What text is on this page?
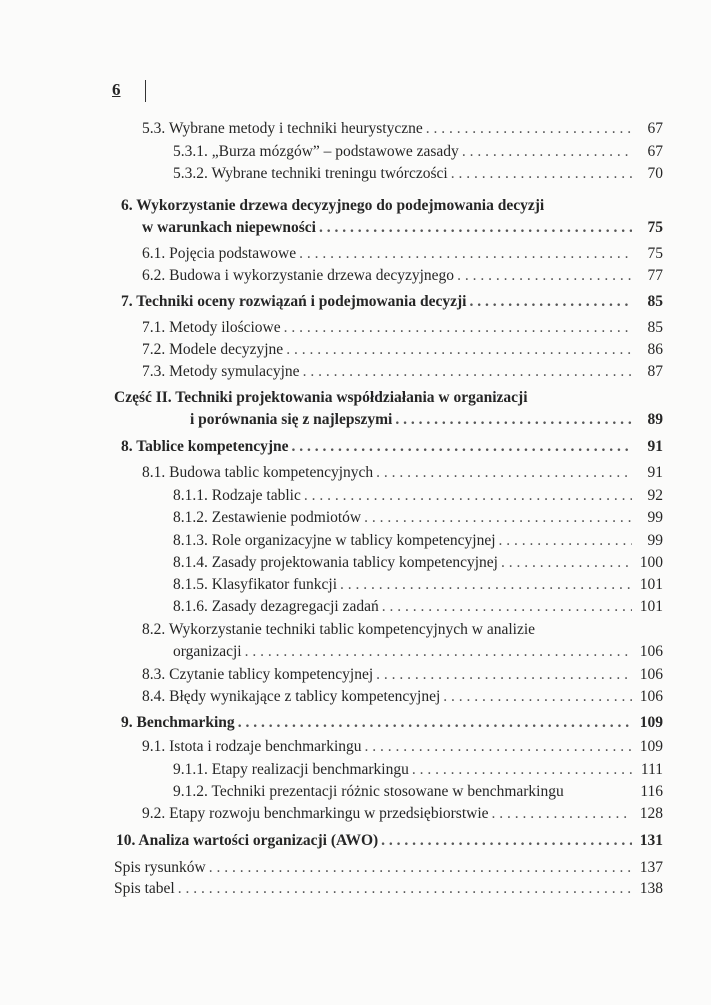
6
5.3. Wybrane metody i techniki heurystyczne . . .	67
5.3.1. „Burza mózgów” – podstawowe zasady . . .	67
5.3.2. Wybrane techniki treningu twórczości . . .	70
6. Wykorzystanie drzewa decyzyjnego do podejmowania decyzji
w warunkach niepewności . . .	75
6.1. Pojęcia podstawowe . . .	75
6.2. Budowa i wykorzystanie drzewa decyzyjnego . . .	77
7. Techniki oceny rozwiązań i podejmowania decyzji . . .	85
7.1. Metody ilościowe . . .	85
7.2. Modele decyzyjne . . .	86
7.3. Metody symulacyjne . . .	87
Część II. Techniki projektowania współdziałania w organizacji
i porównania się z najlepszymi . . .	89
8. Tablice kompetencyjne . . .	91
8.1. Budowa tablic kompetencyjnych . . .	91
8.1.1. Rodzaje tablic . . .	92
8.1.2. Zestawienie podmiotów . . .	99
8.1.3. Role organizacyjne w tablicy kompetencyjnej . . .	99
8.1.4. Zasady projektowania tablicy kompetencyjnej . . .	100
8.1.5. Klasyfikator funkcji . . .	101
8.1.6. Zasady dezagregacji zadań . . .	101
8.2. Wykorzystanie techniki tablic kompetencyjnych w analizie
organizacji . . .	106
8.3. Czytanie tablicy kompetencyjnej . . .	106
8.4. Błędy wynikające z tablicy kompetencyjnej . . .	106
9. Benchmarking . . .	109
9.1. Istota i rodzaje benchmarkingu . . .	109
9.1.1. Etapy realizacji benchmarkingu . . .	111
9.1.2. Techniki prezentacji różnic stosowane w benchmarkingu	116
9.2. Etapy rozwoju benchmarkingu w przedsiębiorstwie . . .	128
10. Analiza wartości organizacji (AWO) . . .	131
Spis rysunków . . .	137
Spis tabel . . .	138
